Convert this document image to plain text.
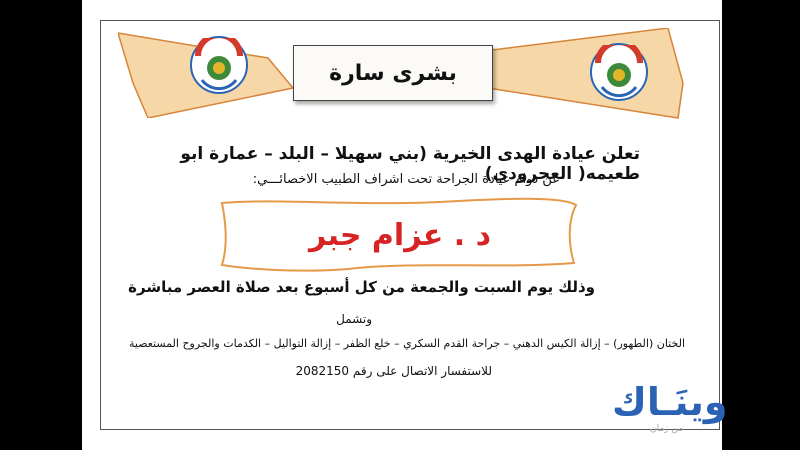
بشرى سارة
تعلن عيادة الهدى الخيرية (بني سهيلا – البلد – عمارة ابو طعيمه( العجرودي)
عن دوام عيادة الجراحة تحت اشراف الطبيب الاخصائـــي:
د . عزام جبر
وذلك يوم السبت والجمعة من كل أسبوع بعد صلاة العصر مباشرة
وتشمل
الختان (الطهور) – إزالة الكيس الدهني – جراحة القدم السكري – خلع الظفر – إزالة التواليل – الكدمات والجروح المستعصية
للاستفسار الاتصال على رقم 2082150
وينَـاك
من زمان
